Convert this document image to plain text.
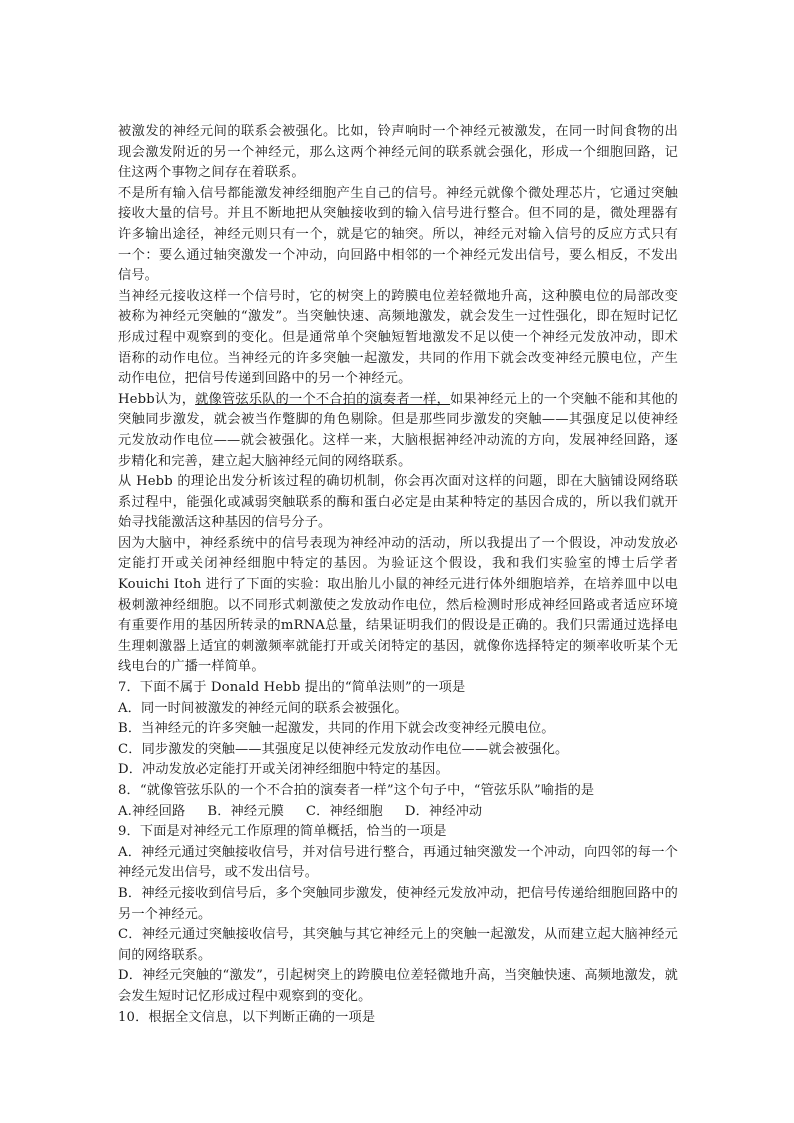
被激发的神经元间的联系会被强化。比如，铃声响时一个神经元被激发，在同一时间食物的出现会激发附近的另一个神经元，那么这两个神经元间的联系就会强化，形成一个细胞回路，记住这两个事物之间存在着联系。

不是所有输入信号都能激发神经细胞产生自己的信号。神经元就像个微处理芯片，它通过突触接收大量的信号。并且不断地把从突触接收到的输入信号进行整合。但不同的是，微处理器有许多输出途径，神经元则只有一个，就是它的轴突。所以，神经元对输入信号的反应方式只有一个：要么通过轴突激发一个冲动，向回路中相邻的一个神经元发出信号，要么相反，不发出信号。

当神经元接收这样一个信号时，它的树突上的跨膜电位差轻微地升高，这种膜电位的局部改变被称为神经元突触的“激发”。当突触快速、高频地激发，就会发生一过性强化，即在短时记忆形成过程中观察到的变化。但是通常单个突触短暂地激发不足以使一个神经元发放冲动，即术语称的动作电位。当神经元的许多突触一起激发，共同的作用下就会改变神经元膜电位，产生动作电位，把信号传递到回路中的另一个神经元。

Hebb认为，就像管弦乐队的一个不合拍的演奏者一样，如果神经元上的一个突触不能和其他的突触同步激发，就会被当作蹩脚的角色剔除。但是那些同步激发的突触——其强度足以使神经元发放动作电位——就会被强化。这样一来，大脑根据神经冲动流的方向，发展神经回路，逐步精化和完善，建立起大脑神经元间的网络联系。

从 Hebb 的理论出发分析该过程的确切机制，你会再次面对这样的问题，即在大脑铺设网络联系过程中，能强化或减弱突触联系的酶和蛋白必定是由某种特定的基因合成的，所以我们就开始寻找能激活这种基因的信号分子。

因为大脑中，神经系统中的信号表现为神经冲动的活动，所以我提出了一个假设，冲动发放必定能打开或关闭神经细胞中特定的基因。为验证这个假设，我和我们实验室的博士后学者 Kouichi Itoh 进行了下面的实验：取出胎儿小鼠的神经元进行体外细胞培养，在培养皿中以电极刺激神经细胞。以不同形式刺激使之发放动作电位，然后检测时形成神经回路或者适应环境有重要作用的基因所转录的mRNA总量，结果证明我们的假设是正确的。我们只需通过选择电生理刺激器上适宜的刺激频率就能打开或关闭特定的基因，就像你选择特定的频率收听某个无线电台的广播一样简单。

7．下面不属于 Donald Hebb 提出的“简单法则”的一项是

A．同一时间被激发的神经元间的联系会被强化。

B．当神经元的许多突触一起激发，共同的作用下就会改变神经元膜电位。

C．同步激发的突触——其强度足以使神经元发放动作电位——就会被强化。

D．冲动发放必定能打开或关闭神经细胞中特定的基因。

8．“就像管弦乐队的一个不合拍的演奏者一样”这个句子中，“管弦乐队”喻指的是

A.神经回路 B．神经元膜 C．神经细胞 D．神经冲动

9．下面是对神经元工作原理的简单概括，恰当的一项是

A．神经元通过突触接收信号，并对信号进行整合，再通过轴突激发一个冲动，向四邻的每一个神经元发出信号，或不发出信号。

B．神经元接收到信号后，多个突触同步激发，使神经元发放冲动，把信号传递给细胞回路中的另一个神经元。

C．神经元通过突触接收信号，其突触与其它神经元上的突触一起激发，从而建立起大脑神经元间的网络联系。

D．神经元突触的“激发”，引起树突上的跨膜电位差轻微地升高，当突触快速、高频地激发，就会发生短时记忆形成过程中观察到的变化。

10．根据全文信息，以下判断正确的一项是
